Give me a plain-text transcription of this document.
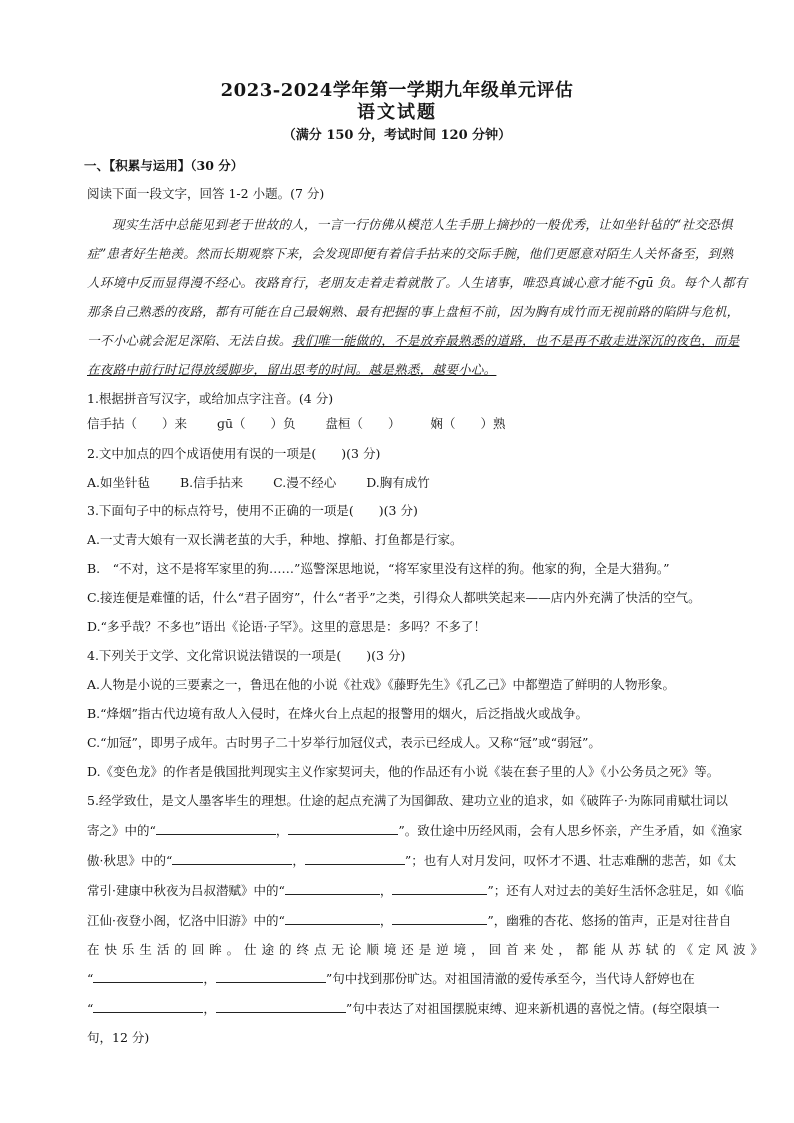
2023-2024学年第一学期九年级单元评估
语文试题
（满分 150 分，考试时间 120 分钟）
一、【积累与运用】（30 分）
阅读下面一段文字，回答 1-2 小题。(7 分)
现实生活中总能见到老于世故的人，一言一行仿佛从模范人生手册上摘抄的一般优秀，让如坐针毡的“社交恐惧
症”患者好生艳羡。然而长期观察下来，会发现即便有着信手拈来的交际手腕，他们更愿意对陌生人关怀备至，到熟
人环境中反而显得漫不经心。夜路育行，老朋友走着走着就散了。人生诸事，唯恐真诚心意才能不ɡū 负。每个人都有
那条自己熟悉的夜路，都有可能在自己最娴熟、最有把握的事上盘桓不前，因为胸有成竹而无视前路的陷阱与危机，
一不小心就会泥足深陷、无法自拔。我们唯一能做的，不是放弃最熟悉的道路，也不是再不敢走进深沉的夜色，而是
在夜路中前行时记得放缓脚步，留出思考的时间。越是熟悉，越要小心。
1.根据拼音写汉字，或给加点字注音。(4 分)
信手拈（　　）来 ɡū（　　）负 盘桓（　　） 娴（　　）熟
2.文中加点的四个成语使用有误的一项是(　　)(3 分)
A.如坐针毡 B.信手拈来 C.漫不经心 D.胸有成竹
3.下面句子中的标点符号，使用不正确的一项是(　　)(3 分)
A.一丈青大娘有一双长满老茧的大手，种地、撑船、打鱼都是行家。
B.　“不对，这不是将军家里的狗……”巡警深思地说，“将军家里没有这样的狗。他家的狗，全是大猎狗。”
C.接连便是难懂的话，什么“君子固穷”，什么“者乎”之类，引得众人都哄笑起来——店内外充满了快活的空气。
D.“多乎哉？不多也”语出《论语·子罕》。这里的意思是：多吗？不多了！
4.下列关于文学、文化常识说法错误的一项是(　　)(3 分)
A.人物是小说的三要素之一，鲁迅在他的小说《社戏》《藤野先生》《孔乙己》中都塑造了鲜明的人物形象。
B.“烽烟”指古代边境有敌人入侵时，在烽火台上点起的报警用的烟火，后泛指战火或战争。
C.“加冠”，即男子成年。古时男子二十岁举行加冠仪式，表示已经成人。又称“冠”或“弱冠”。
D.《变色龙》的作者是俄国批判现实主义作家契诃夫，他的作品还有小说《装在套子里的人》《小公务员之死》等。
5.经学致仕，是文人墨客毕生的理想。仕途的起点充满了为国御敌、建功立业的追求，如《破阵子·为陈同甫赋壮词以
寄之》中的“	，	”。致仕途中历经风雨，会有人思乡怀亲，产生矛盾，如《渔家
傲·秋思》中的“	，	”；也有人对月发问，叹怀才不遇、壮志难酬的悲苦，如《太
常引·建康中秋夜为吕叔潜赋》中的“	，	”；还有人对过去的美好生活怀念驻足，如《临
江仙·夜登小阁，忆洛中旧游》中的“	，	”，幽雅的杏花、悠扬的笛声，正是对往昔自
在快乐生活的回眸。仕途的终点无论顺境还是逆境，回首来处，都能从苏轼的《定风波》
“	，	”句中找到那份旷达。对祖国清澈的爱传承至今，当代诗人舒婷也在
“	，	”句中表达了对祖国摆脱束缚、迎来新机遇的喜悦之情。(每空限填一
句，12 分)
